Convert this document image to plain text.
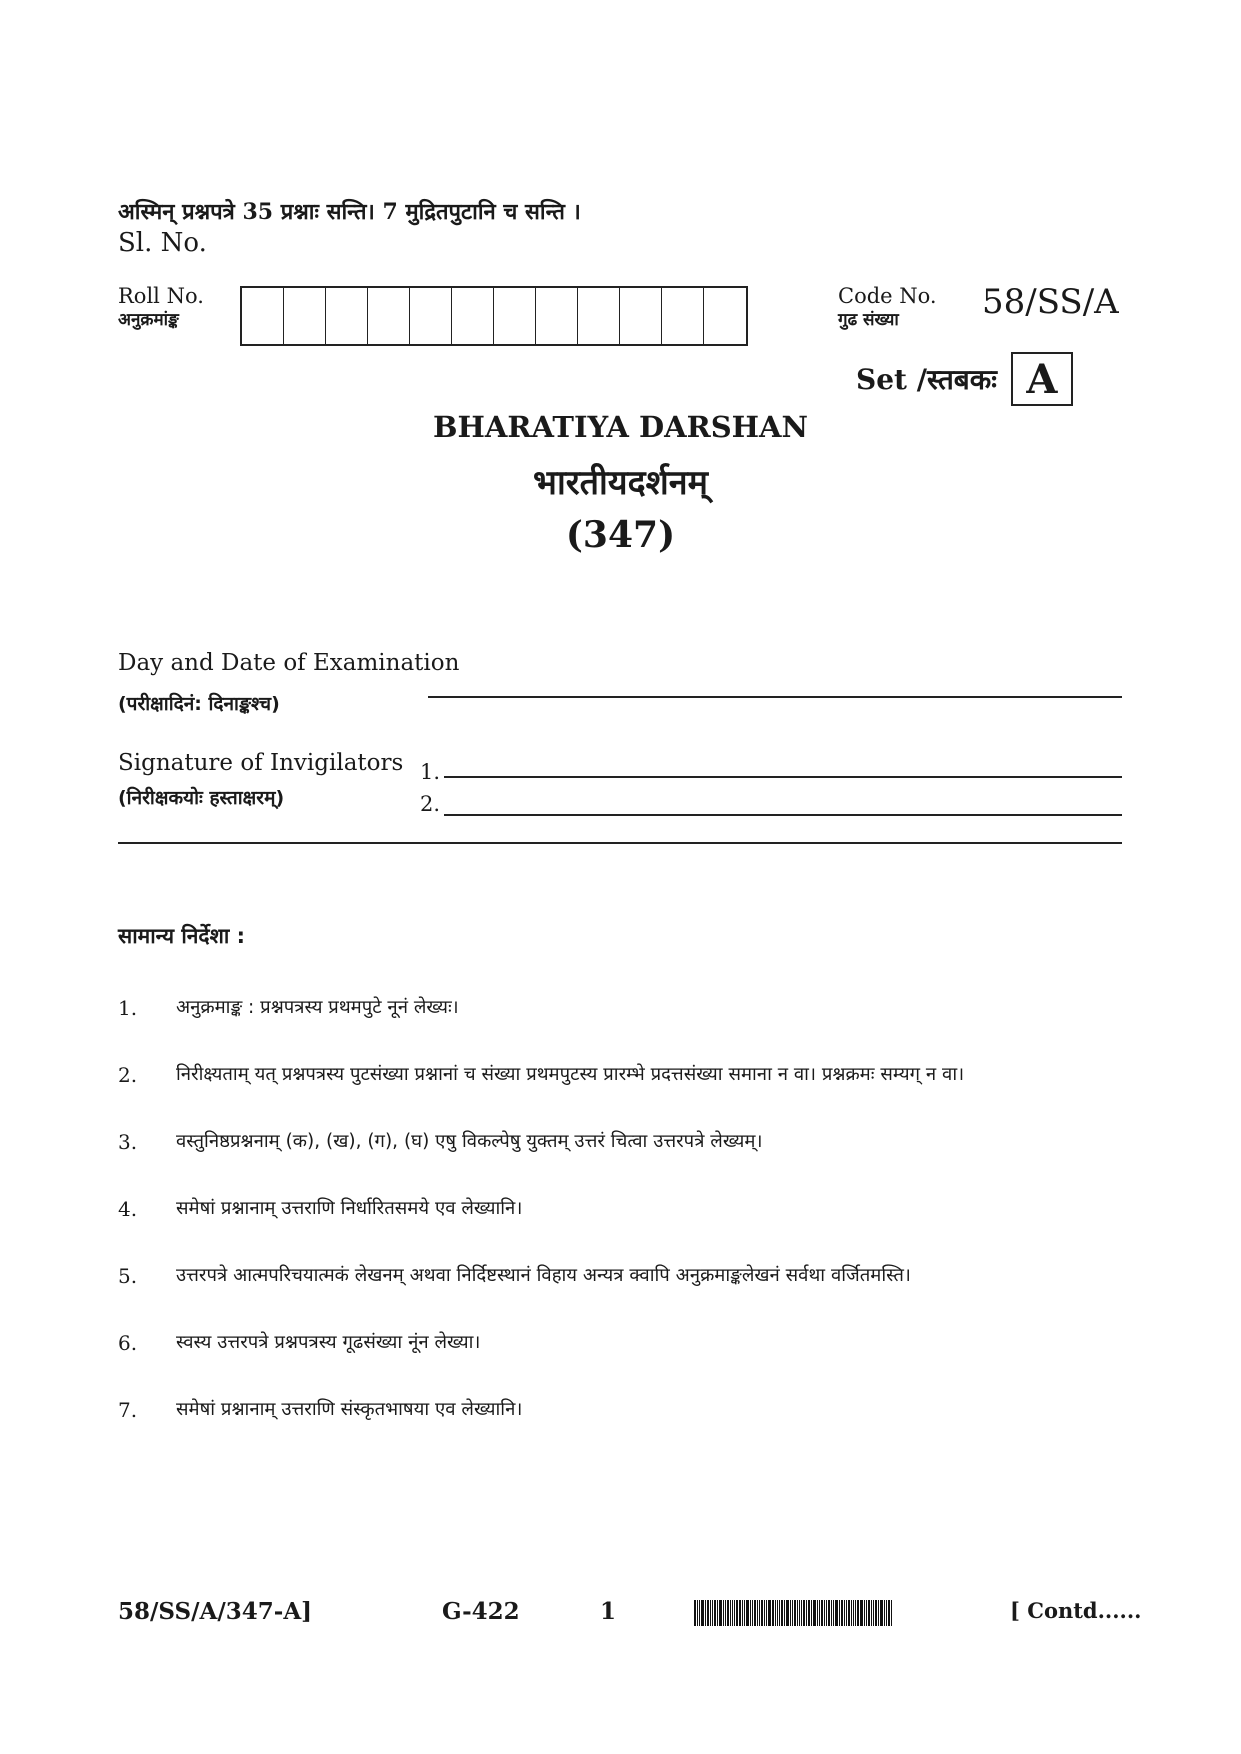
अस्मिन् प्रश्नपत्रे 35 प्रश्नाः सन्ति। 7 मुद्रितपुटानि च सन्ति ।
Sl. No.
Roll No.
अनुक्रमांङ्क
Code No.
गुढ संख्या	58/SS/A
Set /स्तबकः A
BHARATIYA DARSHAN
भारतीयदर्शनम्
(347)
Day and Date of Examination
(परीक्षादिनं: दिनाङ्कश्च)
Signature of Invigilators
(निरीक्षकयोः हस्ताक्षरम्)
1.
2.
सामान्य निर्देशा :
1.	अनुक्रमाङ्क : प्रश्नपत्रस्य प्रथमपुटे नूनं लेख्यः।
2.	निरीक्ष्यताम् यत् प्रश्नपत्रस्य पुटसंख्या प्रश्नानां च संख्या प्रथमपुटस्य प्रारम्भे प्रदत्तसंख्या समाना न वा। प्रश्नक्रमः सम्यग् न वा।
3.	वस्तुनिष्ठप्रश्ननाम् (क), (ख), (ग), (घ) एषु विकल्पेषु युक्तम् उत्तरं चित्वा उत्तरपत्रे लेख्यम्।
4.	समेषां प्रश्नानाम् उत्तराणि निर्धारितसमये एव लेख्यानि।
5.	उत्तरपत्रे आत्मपरिचयात्मकं लेखनम् अथवा निर्दिष्टस्थानं विहाय अन्यत्र क्वापि अनुक्रमाङ्कलेखनं सर्वथा वर्जितमस्ति।
6.	स्वस्य उत्तरपत्रे प्रश्नपत्रस्य गूढसंख्या नूंन लेख्या।
7.	समेषां प्रश्नानाम् उत्तराणि संस्कृतभाषया एव लेख्यानि।
58/SS/A/347-A]	G-422	1	[ Contd......
